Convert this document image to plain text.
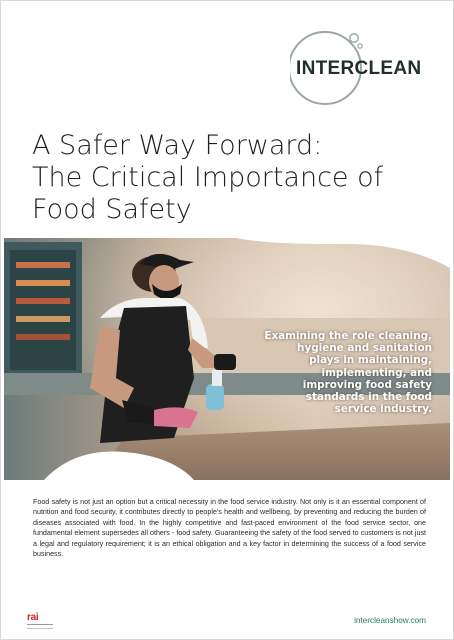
INTERCLEAN
A Safer Way Forward:
The Critical Importance of
Food Safety
Examining the role cleaning,
hygiene and sanitation
plays in maintaining,
implementing, and
improving food safety
standards in the food
service industry.

Food safety is not just an option but a critical necessity in the food service industry. Not only is it an essential component of nutrition and food security, it contributes directly to people's health and wellbeing, by preventing and reducing the burden of diseases associated with food. In the highly competitive and fast-paced environment of the food service sector, one fundamental element supersedes all others - food safety. Guaranteeing the safety of the food served to customers is not just a legal and regulatory requirement; it is an ethical obligation and a key factor in determining the success of a food service business.

rai	intercleanshow.com
